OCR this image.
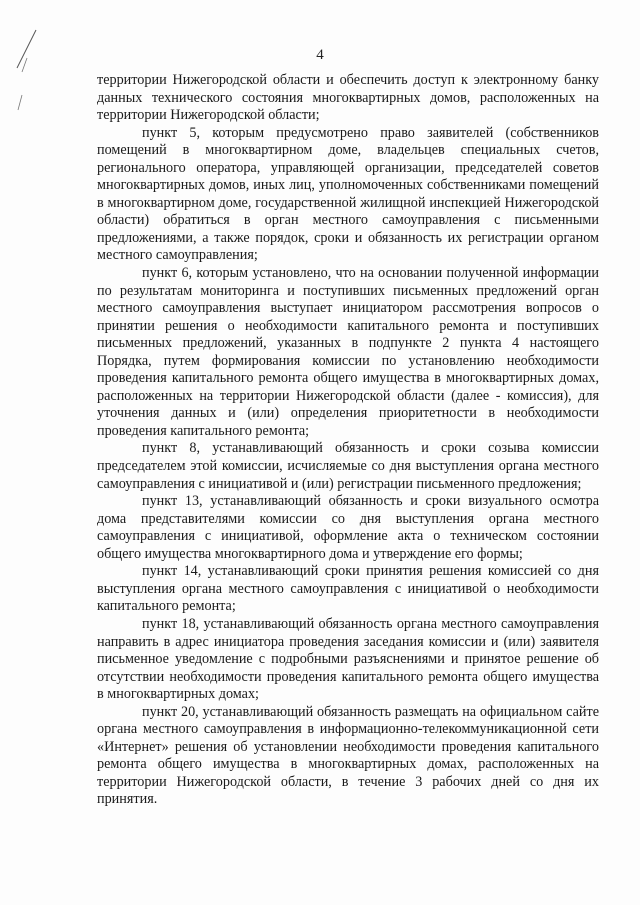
4

территории Нижегородской области и обеспечить доступ к электронному банку данных технического состояния многоквартирных домов, расположенных на территории Нижегородской области;

пункт 5, которым предусмотрено право заявителей (собственников помещений в многоквартирном доме, владельцев специальных счетов, регионального оператора, управляющей организации, председателей советов многоквартирных домов, иных лиц, уполномоченных собственниками помещений в многоквартирном доме, государственной жилищной инспекцией Нижегородской области) обратиться в орган местного самоуправления с письменными предложениями, а также порядок, сроки и обязанность их регистрации органом местного самоуправления;

пункт 6, которым установлено, что на основании полученной информации по результатам мониторинга и поступивших письменных предложений орган местного самоуправления выступает инициатором рассмотрения вопросов о принятии решения о необходимости капитального ремонта и поступивших письменных предложений, указанных в подпункте 2 пункта 4 настоящего Порядка, путем формирования комиссии по установлению необходимости проведения капитального ремонта общего имущества в многоквартирных домах, расположенных на территории Нижегородской области (далее - комиссия), для уточнения данных и (или) определения приоритетности в необходимости проведения капитального ремонта;

пункт 8, устанавливающий обязанность и сроки созыва комиссии председателем этой комиссии, исчисляемые со дня выступления органа местного самоуправления с инициативой и (или) регистрации письменного предложения;

пункт 13, устанавливающий обязанность и сроки визуального осмотра дома представителями комиссии со дня выступления органа местного самоуправления с инициативой, оформление акта о техническом состоянии общего имущества многоквартирного дома и утверждение его формы;

пункт 14, устанавливающий сроки принятия решения комиссией со дня выступления органа местного самоуправления с инициативой о необходимости капитального ремонта;

пункт 18, устанавливающий обязанность органа местного самоуправления направить в адрес инициатора проведения заседания комиссии и (или) заявителя письменное уведомление с подробными разъяснениями и принятое решение об отсутствии необходимости проведения капитального ремонта общего имущества в многоквартирных домах;

пункт 20, устанавливающий обязанность размещать на официальном сайте органа местного самоуправления в информационно-телекоммуникационной сети «Интернет» решения об установлении необходимости проведения капитального ремонта общего имущества в многоквартирных домах, расположенных на территории Нижегородской области, в течение 3 рабочих дней со дня их принятия.
